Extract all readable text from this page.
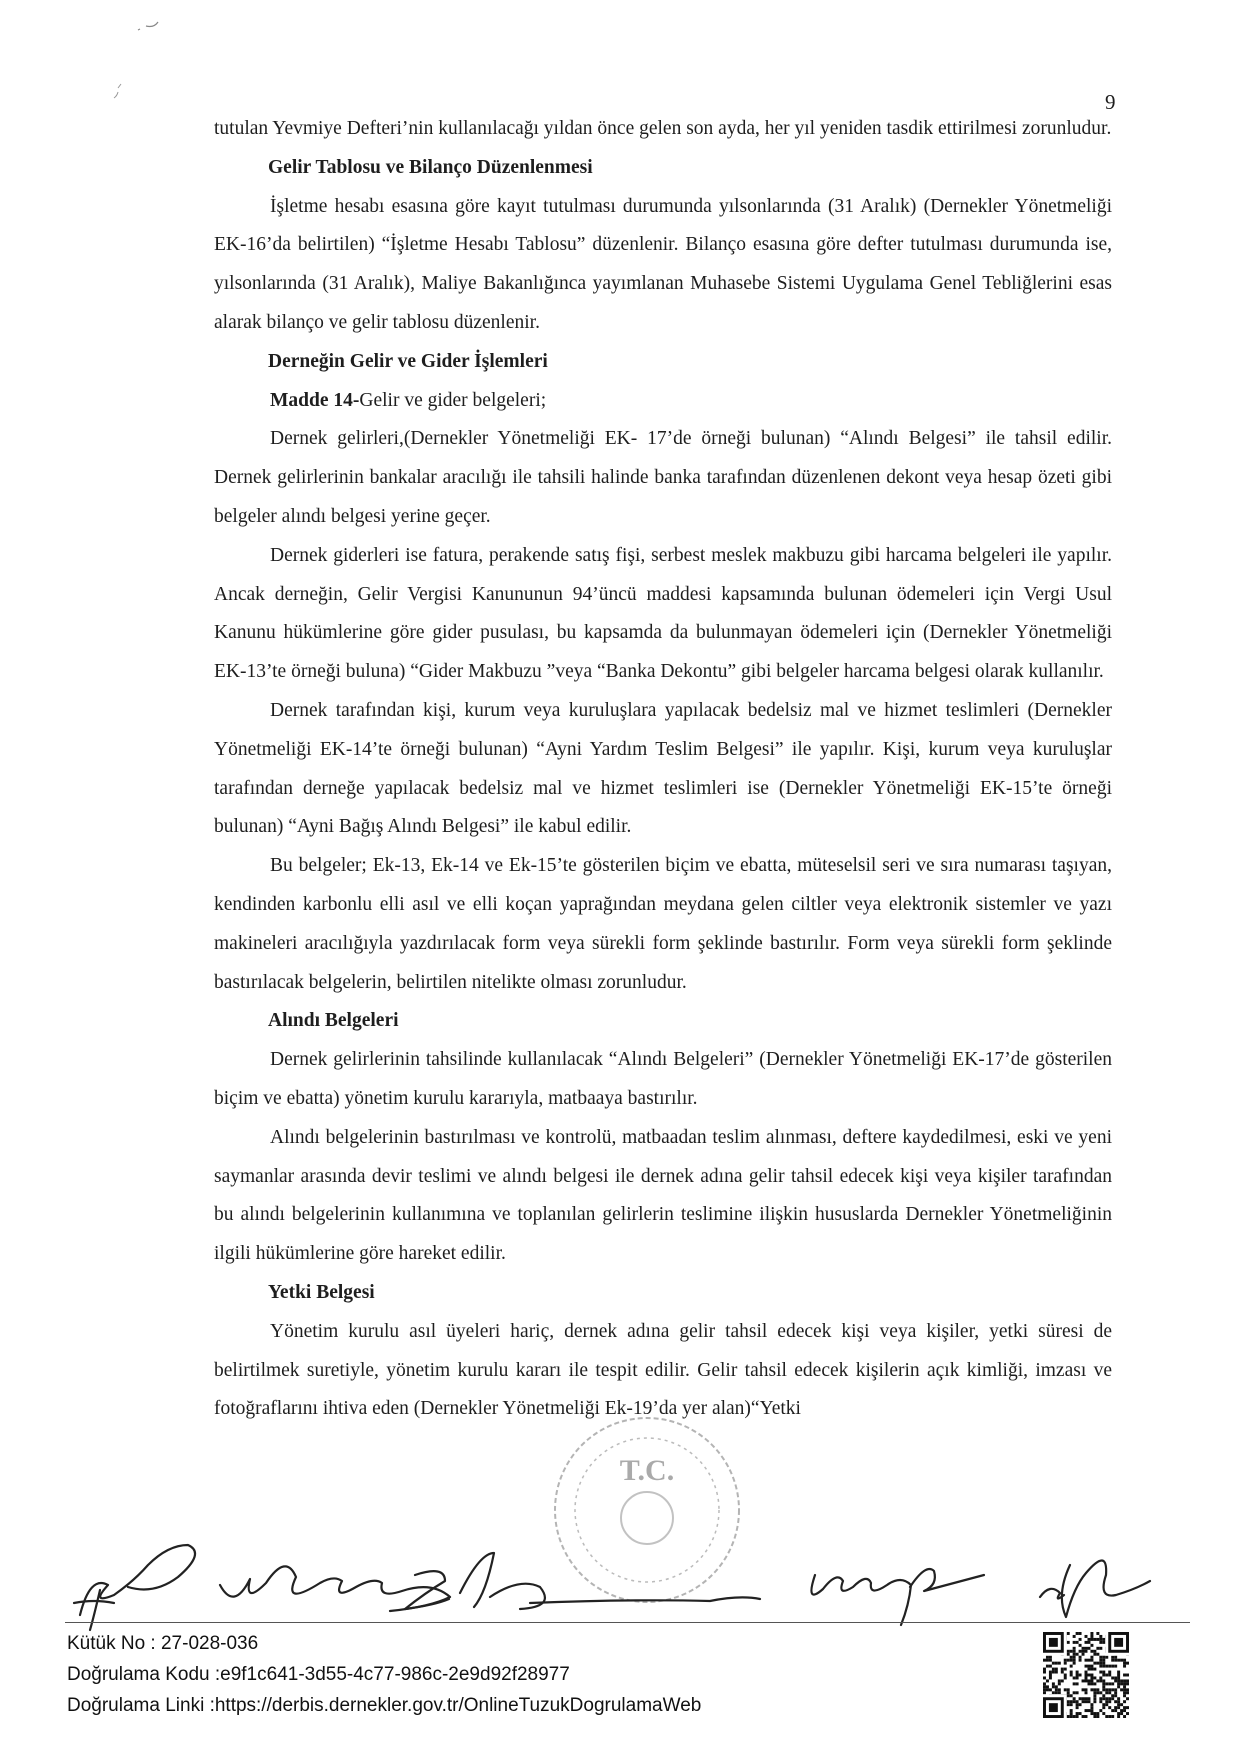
9

tutulan Yevmiye Defteri’nin kullanılacağı yıldan önce gelen son ayda, her yıl yeniden tasdik ettirilmesi zorunludur.

Gelir Tablosu ve Bilanço Düzenlenmesi

İşletme hesabı esasına göre kayıt tutulması durumunda yılsonlarında (31 Aralık) (Dernekler Yönetmeliği EK-16’da belirtilen) “İşletme Hesabı Tablosu” düzenlenir. Bilanço esasına göre defter tutulması durumunda ise, yılsonlarında (31 Aralık), Maliye Bakanlığınca yayımlanan Muhasebe Sistemi Uygulama Genel Tebliğlerini esas alarak bilanço ve gelir tablosu düzenlenir.

Derneğin Gelir ve Gider İşlemleri

Madde 14-Gelir ve gider belgeleri;

Dernek gelirleri,(Dernekler Yönetmeliği EK- 17’de örneği bulunan) “Alındı Belgesi” ile tahsil edilir. Dernek gelirlerinin bankalar aracılığı ile tahsili halinde banka tarafından düzenlenen dekont veya hesap özeti gibi belgeler alındı belgesi yerine geçer.

Dernek giderleri ise fatura, perakende satış fişi, serbest meslek makbuzu gibi harcama belgeleri ile yapılır. Ancak derneğin, Gelir Vergisi Kanununun 94’üncü maddesi kapsamında bulunan ödemeleri için Vergi Usul Kanunu hükümlerine göre gider pusulası, bu kapsamda da bulunmayan ödemeleri için (Dernekler Yönetmeliği EK-13’te örneği buluna) “Gider Makbuzu ”veya “Banka Dekontu” gibi belgeler harcama belgesi olarak kullanılır.

Dernek tarafından kişi, kurum veya kuruluşlara yapılacak bedelsiz mal ve hizmet teslimleri (Dernekler Yönetmeliği EK-14’te örneği bulunan) “Ayni Yardım Teslim Belgesi” ile yapılır. Kişi, kurum veya kuruluşlar tarafından derneğe yapılacak bedelsiz mal ve hizmet teslimleri ise (Dernekler Yönetmeliği EK-15’te örneği bulunan) “Ayni Bağış Alındı Belgesi” ile kabul edilir.

Bu belgeler; Ek-13, Ek-14 ve Ek-15’te gösterilen biçim ve ebatta, müteselsil seri ve sıra numarası taşıyan, kendinden karbonlu elli asıl ve elli koçan yaprağından meydana gelen ciltler veya elektronik sistemler ve yazı makineleri aracılığıyla yazdırılacak form veya sürekli form şeklinde bastırılır. Form veya sürekli form şeklinde bastırılacak belgelerin, belirtilen nitelikte olması zorunludur.

Alındı Belgeleri

Dernek gelirlerinin tahsilinde kullanılacak “Alındı Belgeleri” (Dernekler Yönetmeliği EK-17’de gösterilen biçim ve ebatta) yönetim kurulu kararıyla, matbaaya bastırılır.

Alındı belgelerinin bastırılması ve kontrolü, matbaadan teslim alınması, deftere kaydedilmesi, eski ve yeni saymanlar arasında devir teslimi ve alındı belgesi ile dernek adına gelir tahsil edecek kişi veya kişiler tarafından bu alındı belgelerinin kullanımına ve toplanılan gelirlerin teslimine ilişkin hususlarda Dernekler Yönetmeliğinin ilgili hükümlerine göre hareket edilir.

Yetki Belgesi

Yönetim kurulu asıl üyeleri hariç, dernek adına gelir tahsil edecek kişi veya kişiler, yetki süresi de belirtilmek suretiyle, yönetim kurulu kararı ile tespit edilir. Gelir tahsil edecek kişilerin açık kimliği, imzası ve fotoğraflarını ihtiva eden (Dernekler Yönetmeliği Ek-19’da yer alan)“Yetki

T.C.
Kütük No : 27-028-036
Doğrulama Kodu :e9f1c641-3d55-4c77-986c-2e9d92f28977
Doğrulama Linki :https://derbis.dernekler.gov.tr/OnlineTuzukDogrulamaWeb
